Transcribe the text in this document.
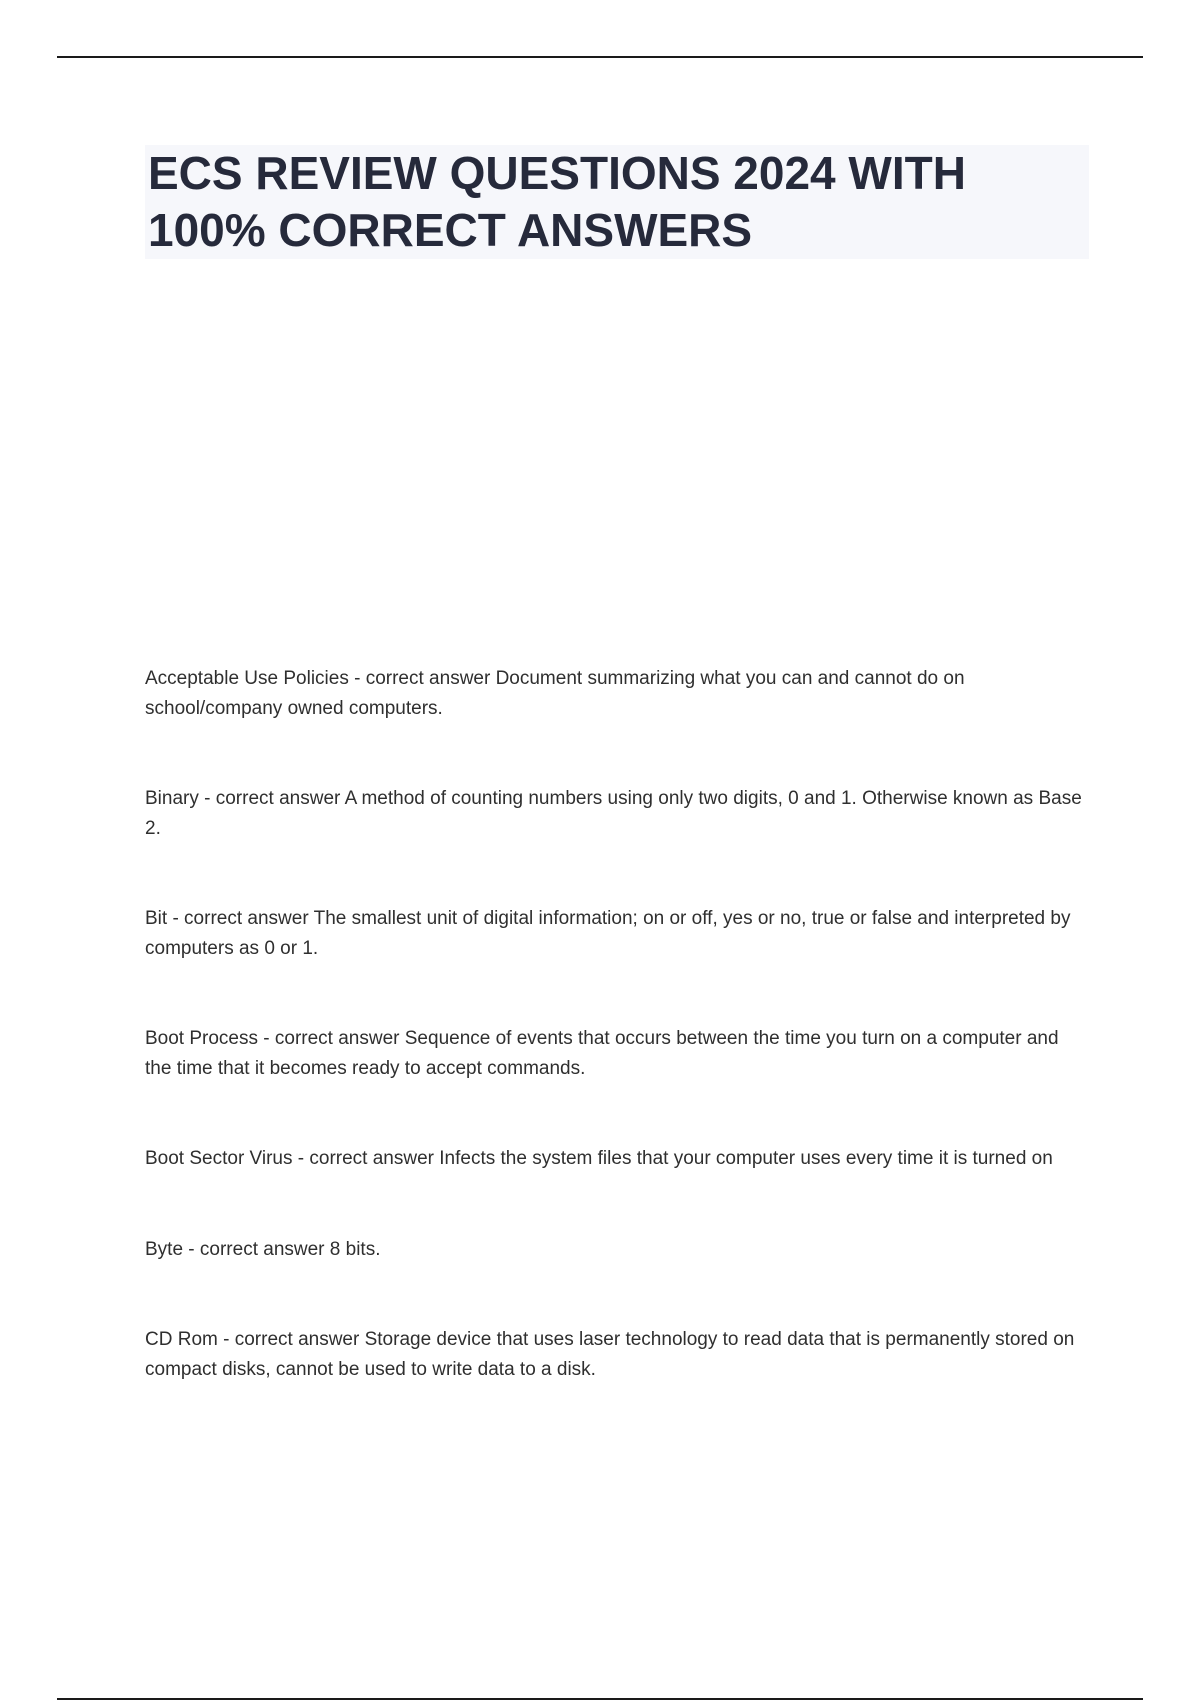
ECS REVIEW QUESTIONS 2024 WITH 100% CORRECT ANSWERS

Acceptable Use Policies - correct answer Document summarizing what you can and cannot do on school/company owned computers.

Binary - correct answer A method of counting numbers using only two digits, 0 and 1. Otherwise known as Base 2.

Bit - correct answer The smallest unit of digital information; on or off, yes or no, true or false and interpreted by computers as 0 or 1.

Boot Process - correct answer Sequence of events that occurs between the time you turn on a computer and the time that it becomes ready to accept commands.

Boot Sector Virus - correct answer Infects the system files that your computer uses every time it is turned on

Byte - correct answer 8 bits.

CD Rom - correct answer Storage device that uses laser technology to read data that is permanently stored on compact disks, cannot be used to write data to a disk.
